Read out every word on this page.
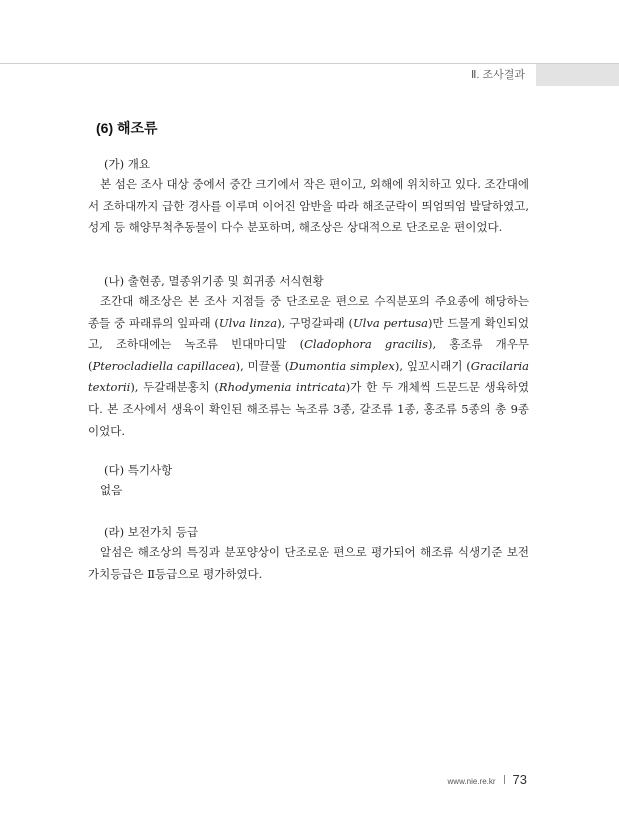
Ⅱ. 조사결과
(6) 해조류

(가) 개요

본 섬은 조사 대상 중에서 중간 크기에서 작은 편이고, 외해에 위치하고 있다. 조간대에서 조하대까지 급한 경사를 이루며 이어진 암반을 따라 해조군락이 띄엄띄엄 발달하였고, 성게 등 해양무척추동물이 다수 분포하며, 해조상은 상대적으로 단조로운 편이었다.

(나) 출현종, 멸종위기종 및 희귀종 서식현황

조간대 해조상은 본 조사 지점들 중 단조로운 편으로 수직분포의 주요종에 해당하는 종들 중 파래류의 잎파래 (Ulva linza), 구멍갈파래 (Ulva pertusa)만 드물게 확인되었고, 조하대에는 녹조류 빈대마디말 (Cladophora gracilis), 홍조류 개우무 (Pterocladiella capillacea), 미끌풀 (Dumontia simplex), 잎꼬시래기 (Gracilaria textorii), 두갈래분홍치 (Rhodymenia intricata)가 한 두 개체씩 드문드문 생육하였다. 본 조사에서 생육이 확인된 해조류는 녹조류 3종, 갈조류 1종, 홍조류 5종의 총 9종이었다.

(다) 특기사항

없음

(라) 보전가치 등급

알섬은 해조상의 특징과 분포양상이 단조로운 편으로 평가되어 해조류 식생기준 보전가치등급은 Ⅱ등급으로 평가하였다.

www.nie.re.kr 73
